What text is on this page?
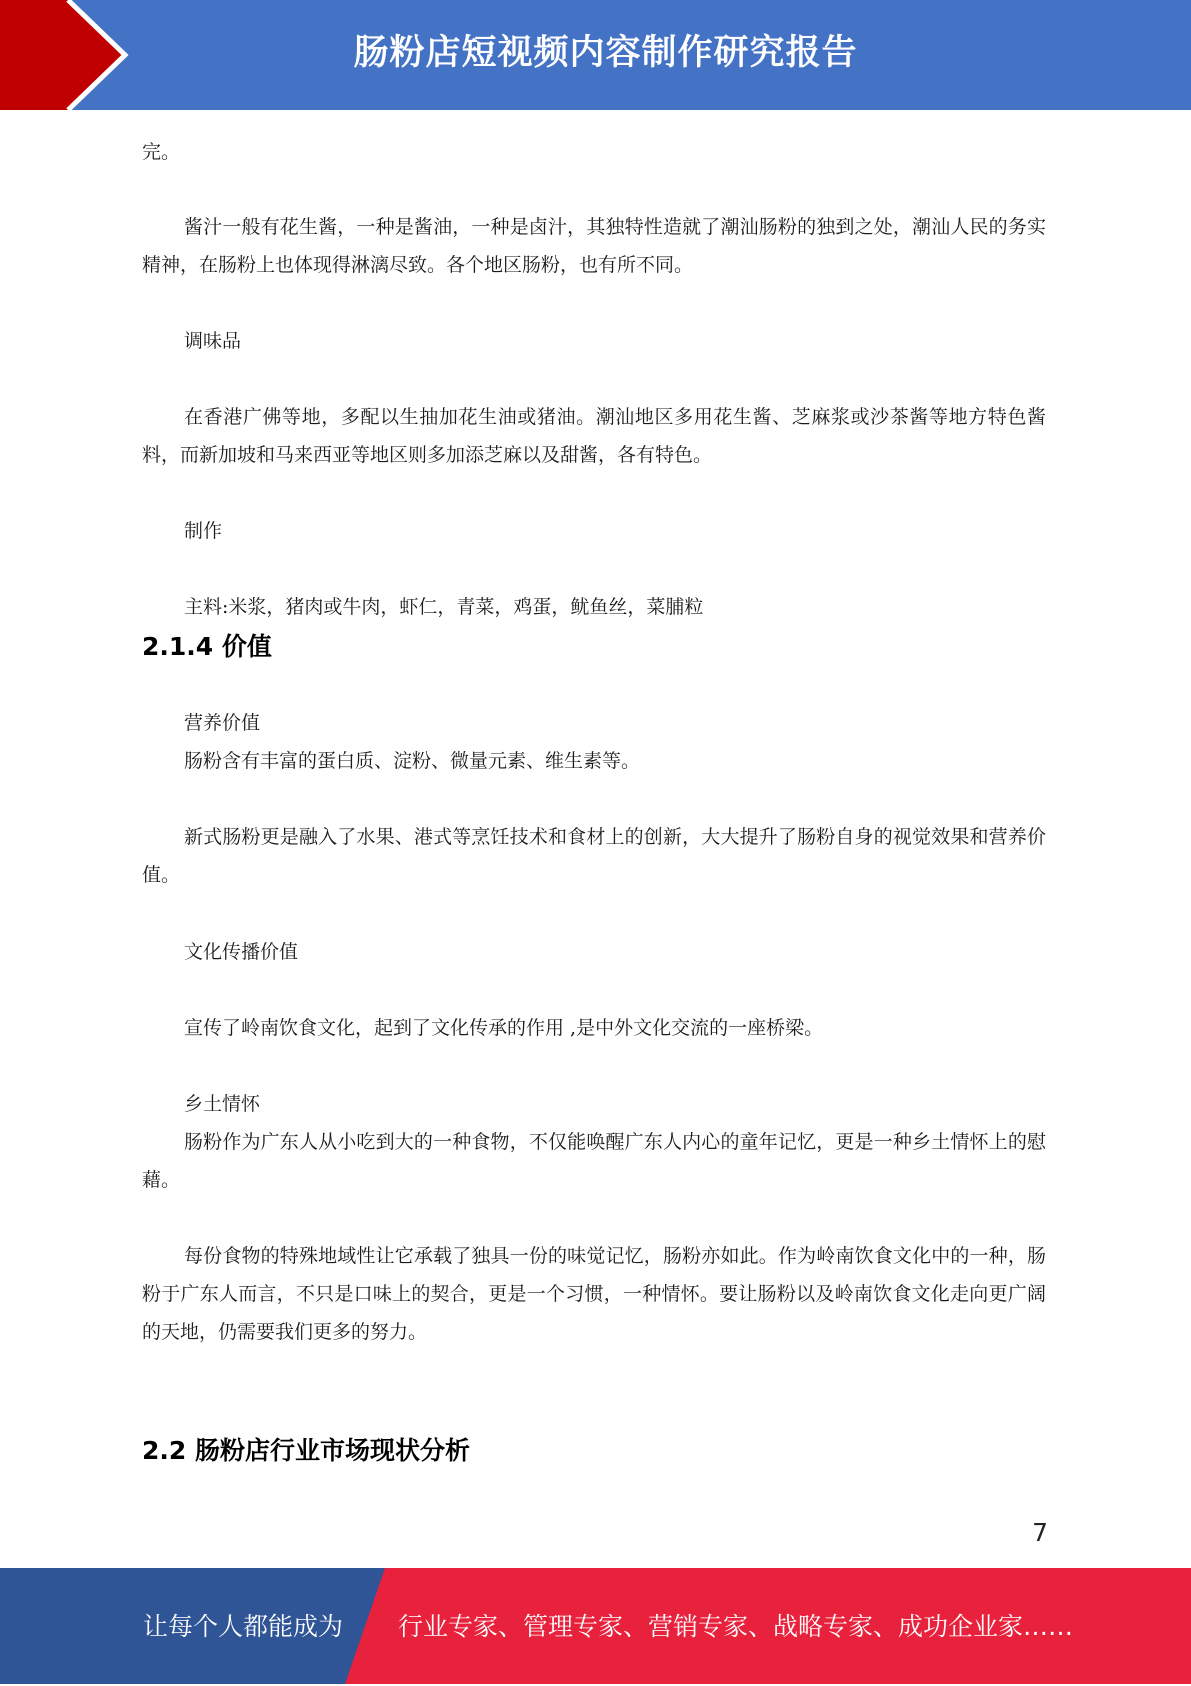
肠粉店短视频内容制作研究报告

完。

酱汁一般有花生酱，一种是酱油，一种是卤汁，其独特性造就了潮汕肠粉的独到之处，潮汕人民的务实精神，在肠粉上也体现得淋漓尽致。各个地区肠粉，也有所不同。

调味品

在香港广佛等地，多配以生抽加花生油或猪油。潮汕地区多用花生酱、芝麻浆或沙茶酱等地方特色酱料，而新加坡和马来西亚等地区则多加添芝麻以及甜酱，各有特色。

制作

主料:米浆，猪肉或牛肉，虾仁，青菜，鸡蛋，鱿鱼丝，菜脯粒

2.1.4 价值

营养价值

肠粉含有丰富的蛋白质、淀粉、微量元素、维生素等。

新式肠粉更是融入了水果、港式等烹饪技术和食材上的创新，大大提升了肠粉自身的视觉效果和营养价值。

文化传播价值

宣传了岭南饮食文化，起到了文化传承的作用 ,是中外文化交流的一座桥梁。

乡土情怀

肠粉作为广东人从小吃到大的一种食物，不仅能唤醒广东人内心的童年记忆，更是一种乡土情怀上的慰藉。

每份食物的特殊地域性让它承载了独具一份的味觉记忆，肠粉亦如此。作为岭南饮食文化中的一种，肠粉于广东人而言，不只是口味上的契合，更是一个习惯，一种情怀。要让肠粉以及岭南饮食文化走向更广阔的天地，仍需要我们更多的努力。

2.2 肠粉店行业市场现状分析
7
让每个人都能成为 行业专家、管理专家、营销专家、战略专家、成功企业家……
